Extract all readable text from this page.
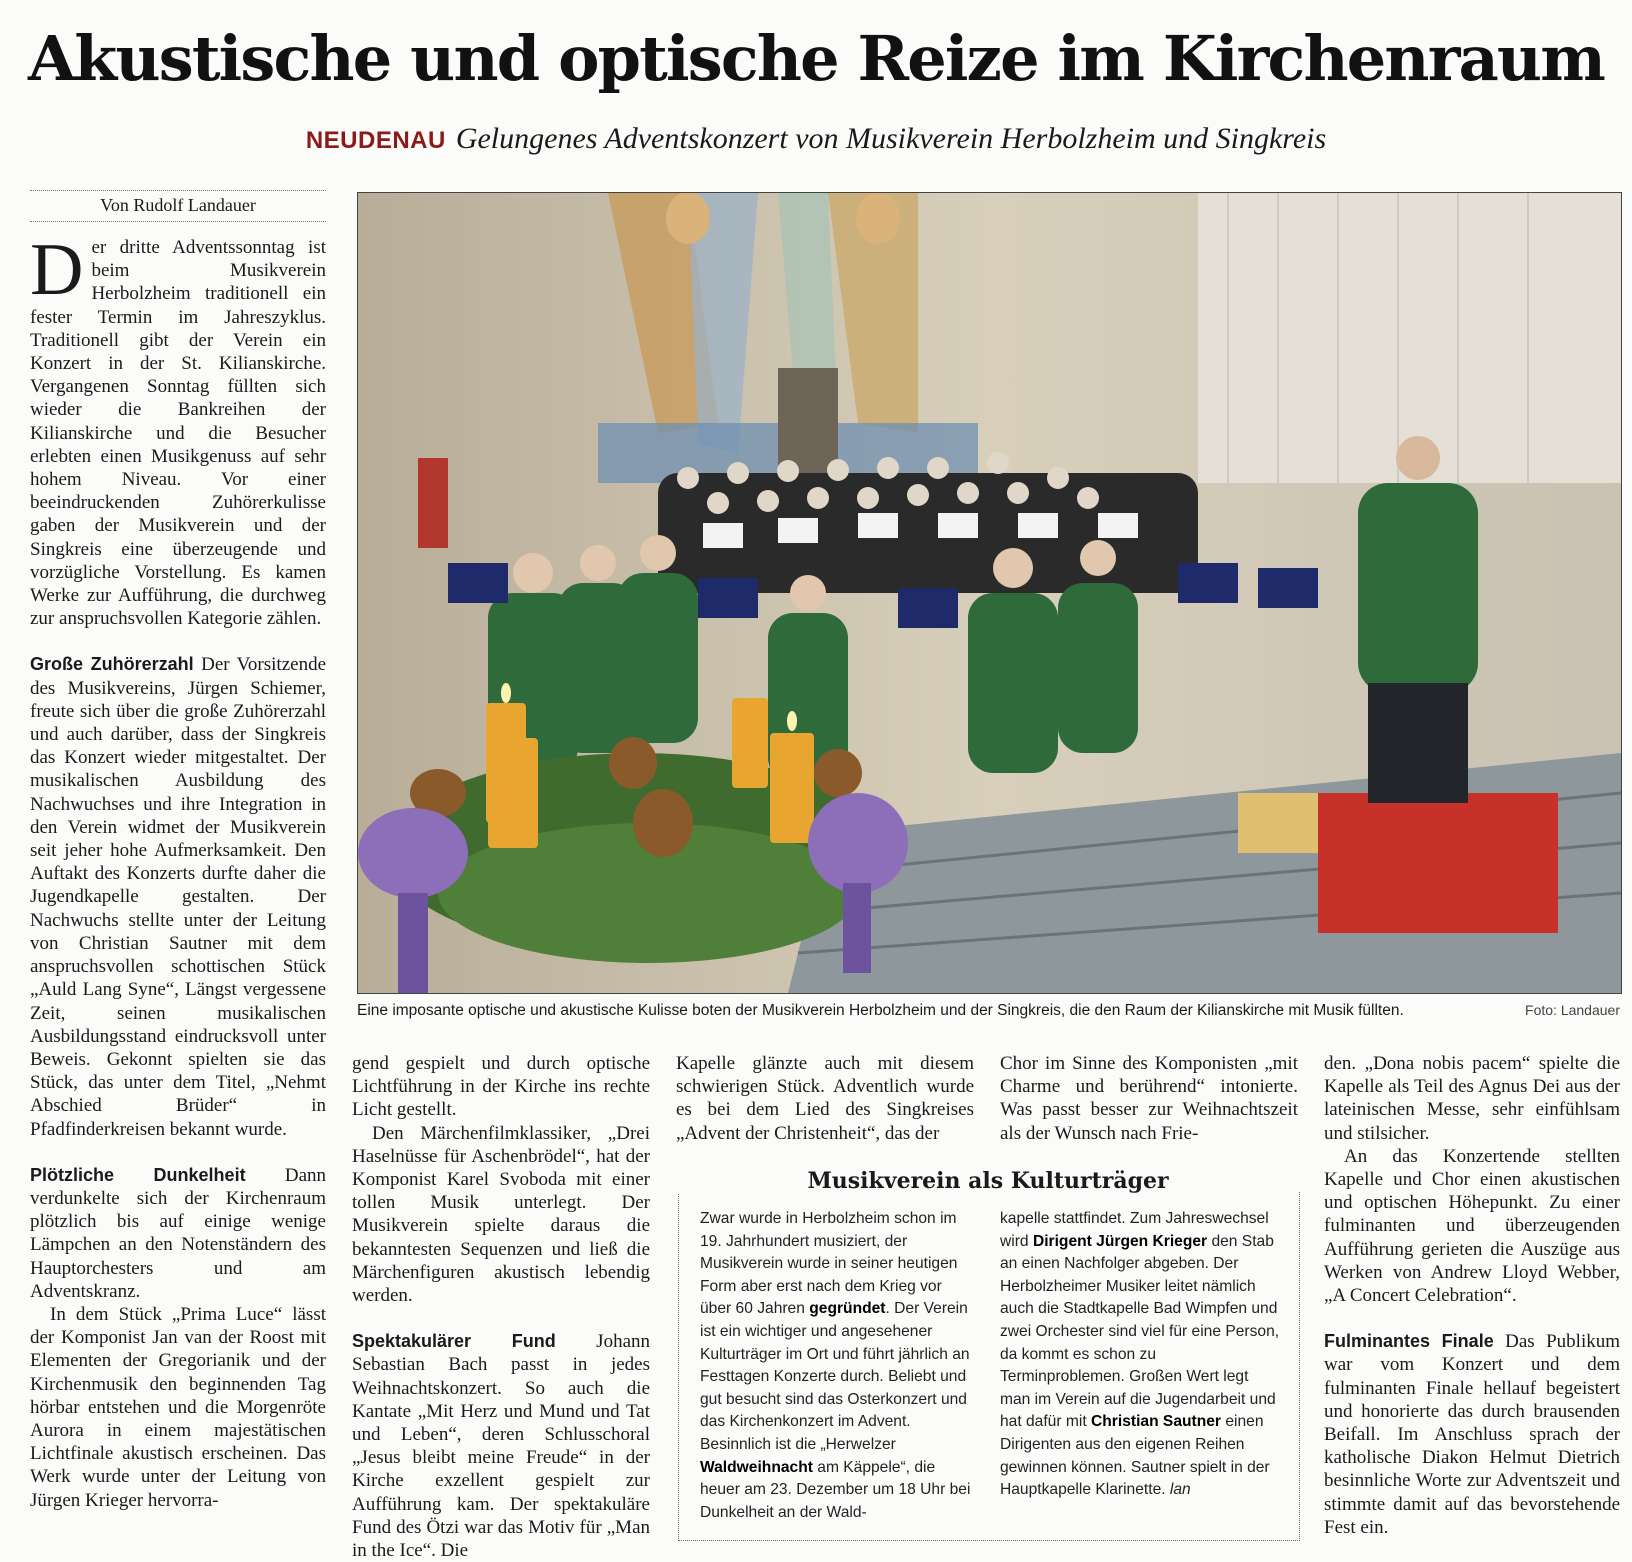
Akustische und optische Reize im Kirchenraum
NEUDENAU Gelungenes Adventskonzert von Musikverein Herbolzheim und Singkreis
Von Rudolf Landauer

Der dritte Adventssonntag ist beim Musikverein Herbolzheim traditionell ein fester Termin im Jahreszyklus. Traditionell gibt der Verein ein Konzert in der St. Kilianskirche. Vergangenen Sonntag füllten sich wieder die Bankreihen der Kilianskirche und die Besucher erlebten einen Musikgenuss auf sehr hohem Niveau. Vor einer beeindruckenden Zuhörerkulisse gaben der Musikverein und der Singkreis eine überzeugende und vorzügliche Vorstellung. Es kamen Werke zur Aufführung, die durchweg zur anspruchsvollen Kategorie zählen.

Große Zuhörerzahl Der Vorsitzende des Musikvereins, Jürgen Schiemer, freute sich über die große Zuhörerzahl und auch darüber, dass der Singkreis das Konzert wieder mitgestaltet. Der musikalischen Ausbildung des Nachwuchses und ihre Integration in den Verein widmet der Musikverein seit jeher hohe Aufmerksamkeit. Den Auftakt des Konzerts durfte daher die Jugendkapelle gestalten. Der Nachwuchs stellte unter der Leitung von Christian Sautner mit dem anspruchsvollen schottischen Stück „Auld Lang Syne“, Längst vergessene Zeit, seinen musikalischen Ausbildungsstand eindrucksvoll unter Beweis. Gekonnt spielten sie das Stück, das unter dem Titel, „Nehmt Abschied Brüder“ in Pfadfinderkreisen bekannt wurde.

Plötzliche Dunkelheit Dann verdunkelte sich der Kirchenraum plötzlich bis auf einige wenige Lämpchen an den Notenständern des Hauptorchesters und am Adventskranz.

In dem Stück „Prima Luce“ lässt der Komponist Jan van der Roost mit Elementen der Gregorianik und der Kirchenmusik den beginnenden Tag hörbar entstehen und die Morgenröte Aurora in einem majestätischen Lichtfinale akustisch erscheinen. Das Werk wurde unter der Leitung von Jürgen Krieger hervorra-

Eine imposante optische und akustische Kulisse boten der Musikverein Herbolzheim und der Singkreis, die den Raum der Kilianskirche mit Musik füllten.	Foto: Landauer

gend gespielt und durch optische Lichtführung in der Kirche ins rechte Licht gestellt.

Den Märchenfilmklassiker, „Drei Haselnüsse für Aschenbrödel“, hat der Komponist Karel Svoboda mit einer tollen Musik unterlegt. Der Musikverein spielte daraus die bekanntesten Sequenzen und ließ die Märchenfiguren akustisch lebendig werden.

Spektakulärer Fund Johann Sebastian Bach passt in jedes Weihnachtskonzert. So auch die Kantate „Mit Herz und Mund und Tat und Leben“, deren Schlusschoral „Jesus bleibt meine Freude“ in der Kirche exzellent gespielt zur Aufführung kam. Der spektakuläre Fund des Ötzi war das Motiv für „Man in the Ice“. Die

Kapelle glänzte auch mit diesem schwierigen Stück. Adventlich wurde es bei dem Lied des Singkreises „Advent der Christenheit“, das der

Chor im Sinne des Komponisten „mit Charme und berührend“ intonierte. Was passt besser zur Weihnachtszeit als der Wunsch nach Frie-

den. „Dona nobis pacem“ spielte die Kapelle als Teil des Agnus Dei aus der lateinischen Messe, sehr einfühlsam und stilsicher.

An das Konzertende stellten Kapelle und Chor einen akustischen und optischen Höhepunkt. Zu einer fulminanten und überzeugenden Aufführung gerieten die Auszüge aus Werken von Andrew Lloyd Webber, „A Concert Celebration“.

Fulminantes Finale Das Publikum war vom Konzert und dem fulminanten Finale hellauf begeistert und honorierte das durch brausenden Beifall. Im Anschluss sprach der katholische Diakon Helmut Dietrich besinnliche Worte zur Adventszeit und stimmte damit auf das bevorstehende Fest ein.

Musikverein als Kulturträger
Zwar wurde in Herbolzheim schon im 19. Jahrhundert musiziert, der Musikverein wurde in seiner heutigen Form aber erst nach dem Krieg vor über 60 Jahren gegründet. Der Verein ist ein wichtiger und angesehener Kulturträger im Ort und führt jährlich an Festtagen Konzerte durch. Beliebt und gut besucht sind das Osterkonzert und das Kirchenkonzert im Advent. Besinnlich ist die „Herwelzer Waldweihnacht am Käppele“, die heuer am 23. Dezember um 18 Uhr bei Dunkelheit an der Wald-
kapelle stattfindet. Zum Jahreswechsel wird Dirigent Jürgen Krieger den Stab an einen Nachfolger abgeben. Der Herbolzheimer Musiker leitet nämlich auch die Stadtkapelle Bad Wimpfen und zwei Orchester sind viel für eine Person, da kommt es schon zu Terminproblemen. Großen Wert legt man im Verein auf die Jugendarbeit und hat dafür mit Christian Sautner einen Dirigenten aus den eigenen Reihen gewinnen können. Sautner spielt in der Hauptkapelle Klarinette. lan
